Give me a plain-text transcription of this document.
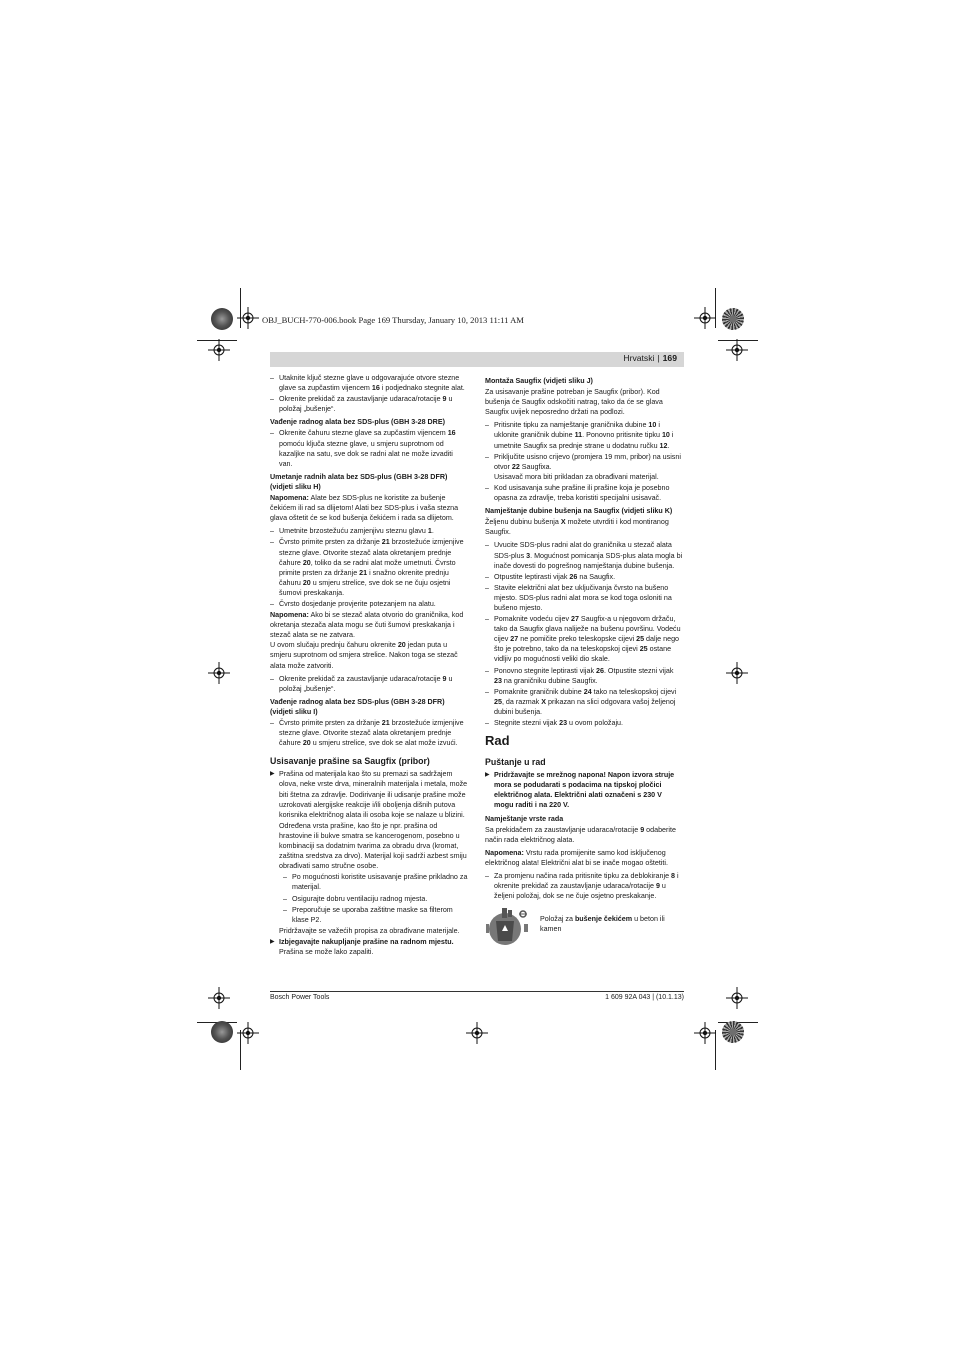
OBJ_BUCH-770-006.book Page 169 Thursday, January 10, 2013 11:11 AM
Hrvatski | 169

– Utaknite ključ stezne glave u odgovarajuće otvore stezne glave sa zupčastim vijencem 16 i podjednako stegnite alat.

– Okrenite prekidač za zaustavljanje udaraca/rotacije 9 u položaj „bušenje“.

Vađenje radnog alata bez SDS-plus (GBH 3-28 DRE)

– Okrenite čahuru stezne glave sa zupčastim vijencem 16 pomoću ključa stezne glave, u smjeru suprotnom od kazaljke na satu, sve dok se radni alat ne može izvaditi van.

Umetanje radnih alata bez SDS-plus (GBH 3-28 DFR) (vidjeti sliku H)

Napomena: Alate bez SDS-plus ne koristite za bušenje čekićem ili rad sa dlijetom! Alati bez SDS-plus i vaša stezna glava oštetit će se kod bušenja čekićem i rada sa dlijetom.

– Umetnite brzostežuću zamjenjivu steznu glavu 1.

– Čvrsto primite prsten za držanje 21 brzostežuće izmjenjive stezne glave. Otvorite stezač alata okretanjem prednje čahure 20, toliko da se radni alat može umetnuti. Čvrsto primite prsten za držanje 21 i snažno okrenite prednju čahuru 20 u smjeru strelice, sve dok se ne čuju osjetni šumovi preskakanja.

– Čvrsto dosjedanje provjerite potezanjem na alatu.

Napomena: Ako bi se stezač alata otvorio do graničnika, kod okretanja stezača alata mogu se čuti šumovi preskakanja i stezač alata se ne zatvara.
U ovom slučaju prednju čahuru okrenite 20 jedan puta u smjeru suprotnom od smjera strelice. Nakon toga se stezač alata može zatvoriti.

– Okrenite prekidač za zaustavljanje udaraca/rotacije 9 u položaj „bušenje“.

Vađenje radnog alata bez SDS-plus (GBH 3-28 DFR) (vidjeti sliku I)

– Čvrsto primite prsten za držanje 21 brzostežuće izmjenjive stezne glave. Otvorite stezač alata okretanjem prednje čahure 20 u smjeru strelice, sve dok se alat može izvući.

Usisavanje prašine sa Saugfix (pribor)

▶ Prašina od materijala kao što su premazi sa sadržajem olova, neke vrste drva, mineralnih materijala i metala, može biti štetna za zdravlje. Dodirivanje ili udisanje prašine može uzrokovati alergijske reakcije i/ili oboljenja dišnih putova korisnika električnog alata ili osoba koje se nalaze u blizini.

Određena vrsta prašine, kao što je npr. prašina od hrastovine ili bukve smatra se kancerogenom, posebno u kombinaciji sa dodatnim tvarima za obradu drva (kromat, zaštitna sredstva za drvo). Materijal koji sadrži azbest smiju obrađivati samo stručne osobe.

– Po mogućnosti koristite usisavanje prašine prikladno za materijal.

– Osigurajte dobru ventilaciju radnog mjesta.

– Preporučuje se uporaba zaštitne maske sa filterom klase P2.

Pridržavajte se važećih propisa za obrađivane materijale.

▶ Izbjegavajte nakupljanje prašine na radnom mjestu. Prašina se može lako zapaliti.

Montaža Saugfix (vidjeti sliku J)

Za usisavanje prašine potreban je Saugfix (pribor). Kod bušenja će Saugfix odskočiti natrag, tako da će se glava Saugfix uvijek neposredno držati na podlozi.

– Pritisnite tipku za namještanje graničnika dubine 10 i uklonite graničnik dubine 11. Ponovno pritisnite tipku 10 i umetnite Saugfix sa prednje strane u dodatnu ručku 12.

– Priključite usisno crijevo (promjera 19 mm, pribor) na usisni otvor 22 Saugfixa.
Usisavač mora biti prikladan za obrađivani materijal.

– Kod usisavanja suhe prašine ili prašine koja je posebno opasna za zdravlje, treba koristiti specijalni usisavač.

Namještanje dubine bušenja na Saugfix (vidjeti sliku K)

Željenu dubinu bušenja X možete utvrditi i kod montiranog Saugfix.

– Uvucite SDS-plus radni alat do graničnika u stezač alata SDS-plus 3. Mogućnost pomicanja SDS-plus alata mogla bi inače dovesti do pogrešnog namještanja dubine bušenja.

– Otpustite leptirasti vijak 26 na Saugfix.

– Stavite električni alat bez uključivanja čvrsto na bušeno mjesto. SDS-plus radni alat mora se kod toga osloniti na bušeno mjesto.

– Pomaknite vodeću cijev 27 Saugfix-a u njegovom držaču, tako da Saugfix glava naliježe na bušenu površinu. Vodeću cijev 27 ne pomičite preko teleskopske cijevi 25 dalje nego što je potrebno, tako da na teleskopskoj cijevi 25 ostane vidljiv po mogućnosti veliki dio skale.

– Ponovno stegnite leptirasti vijak 26. Otpustite stezni vijak 23 na graničniku dubine Saugfix.

– Pomaknite graničnik dubine 24 tako na teleskopskoj cijevi 25, da razmak X prikazan na slici odgovara vašoj željenoj dubini bušenja.

– Stegnite stezni vijak 23 u ovom položaju.

Rad

Puštanje u rad

▶ Pridržavajte se mrežnog napona! Napon izvora struje mora se podudarati s podacima na tipskoj pločici električnog alata. Električni alati označeni s 230 V mogu raditi i na 220 V.

Namještanje vrste rada

Sa prekidačem za zaustavljanje udaraca/rotacije 9 odaberite način rada električnog alata.

Napomena: Vrstu rada promijenite samo kod isključenog električnog alata! Električni alat bi se inače mogao oštetiti.

– Za promjenu načina rada pritisnite tipku za deblokiranje 8 i okrenite prekidač za zaustavljanje udaraca/rotacije 9 u željeni položaj, dok se ne čuje osjetno preskakanje.

Položaj za bušenje čekićem u beton ili kamen
Bosch Power Tools	1 609 92A 043 | (10.1.13)
